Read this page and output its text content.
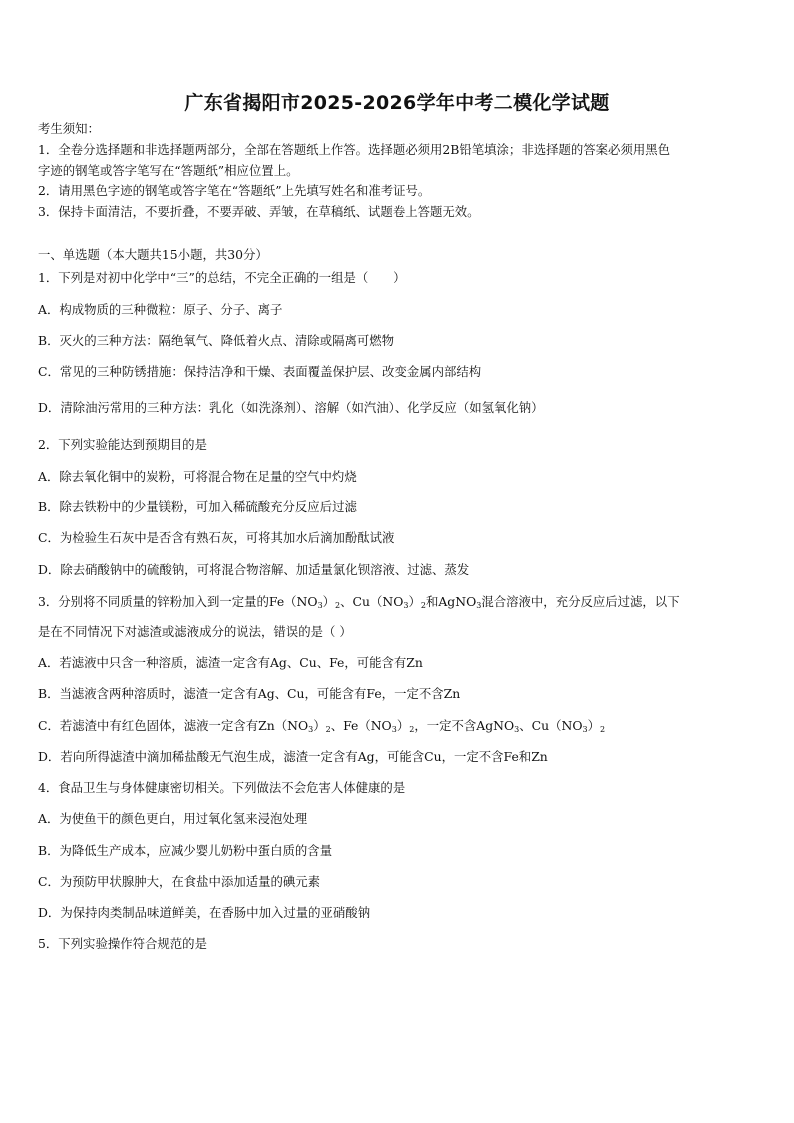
广东省揭阳市2025-2026学年中考二模化学试题
考生须知：
1．全卷分选择题和非选择题两部分，全部在答题纸上作答。选择题必须用2B铅笔填涂；非选择题的答案必须用黑色
字迹的钢笔或答字笔写在“答题纸”相应位置上。
2．请用黑色字迹的钢笔或答字笔在“答题纸”上先填写姓名和准考证号。
3．保持卡面清洁，不要折叠，不要弄破、弄皱，在草稿纸、试题卷上答题无效。
一、单选题（本大题共15小题，共30分）
1．下列是对初中化学中“三”的总结，不完全正确的一组是（　　）
A．构成物质的三种微粒：原子、分子、离子
B．灭火的三种方法：隔绝氧气、降低着火点、清除或隔离可燃物
C．常见的三种防锈措施：保持洁净和干燥、表面覆盖保护层、改变金属内部结构
D．清除油污常用的三种方法：乳化（如洗涤剂）、溶解（如汽油）、化学反应（如氢氧化钠）
2．下列实验能达到预期目的是
A．除去氧化铜中的炭粉，可将混合物在足量的空气中灼烧
B．除去铁粉中的少量镁粉，可加入稀硫酸充分反应后过滤
C．为检验生石灰中是否含有熟石灰，可将其加水后滴加酚酞试液
D．除去硝酸钠中的硫酸钠，可将混合物溶解、加适量氯化钡溶液、过滤、蒸发
3．分别将不同质量的锌粉加入到一定量的$Fe(NO_3)_2$、$Cu(NO_3)_2$和AgNO$_3$混合溶液中，充分反应后过滤，以下
是在不同情况下对滤渣或滤液成分的说法，错误的是（ ）
A．若滤液中只含一种溶质，滤渣一定含有Ag、Cu、Fe，可能含有Zn
B．当滤液含两种溶质时，滤渣一定含有Ag、Cu，可能含有Fe，一定不含Zn
C．若滤渣中有红色固体，滤液一定含有$Zn(NO_3)_2$、$Fe(NO_3)_2$，一定不含AgNO$_3$、$Cu(NO_3)_2$
D．若向所得滤渣中滴加稀盐酸无气泡生成，滤渣一定含有Ag，可能含Cu，一定不含Fe和Zn
4．食品卫生与身体健康密切相关。下列做法不会危害人体健康的是
A．为使鱼干的颜色更白，用过氧化氢来浸泡处理
B．为降低生产成本，应减少婴儿奶粉中蛋白质的含量
C．为预防甲状腺肿大，在食盐中添加适量的碘元素
D．为保持肉类制品味道鲜美，在香肠中加入过量的亚硝酸钠
5．下列实验操作符合规范的是
